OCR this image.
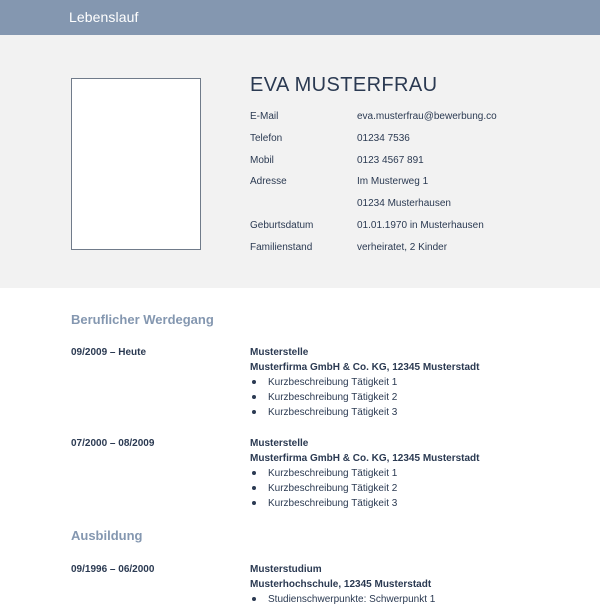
Lebenslauf
EVA MUSTERFRAU
E-Mail	eva.musterfrau@bewerbung.co
Telefon	01234 7536
Mobil	0123 4567 891
Adresse	Im Musterweg 1
01234 Musterhausen
Geburtsdatum	01.01.1970 in Musterhausen
Familienstand	verheiratet, 2 Kinder
Beruflicher Werdegang
09/2009 – Heute	Musterstelle
Musterfirma GmbH & Co. KG, 12345 Musterstadt
Kurzbeschreibung Tätigkeit 1
Kurzbeschreibung Tätigkeit 2
Kurzbeschreibung Tätigkeit 3
07/2000 – 08/2009	Musterstelle
Musterfirma GmbH & Co. KG, 12345 Musterstadt
Kurzbeschreibung Tätigkeit 1
Kurzbeschreibung Tätigkeit 2
Kurzbeschreibung Tätigkeit 3
Ausbildung
09/1996 – 06/2000	Musterstudium
Musterhochschule, 12345 Musterstadt
Studienschwerpunkte: Schwerpunkt 1
